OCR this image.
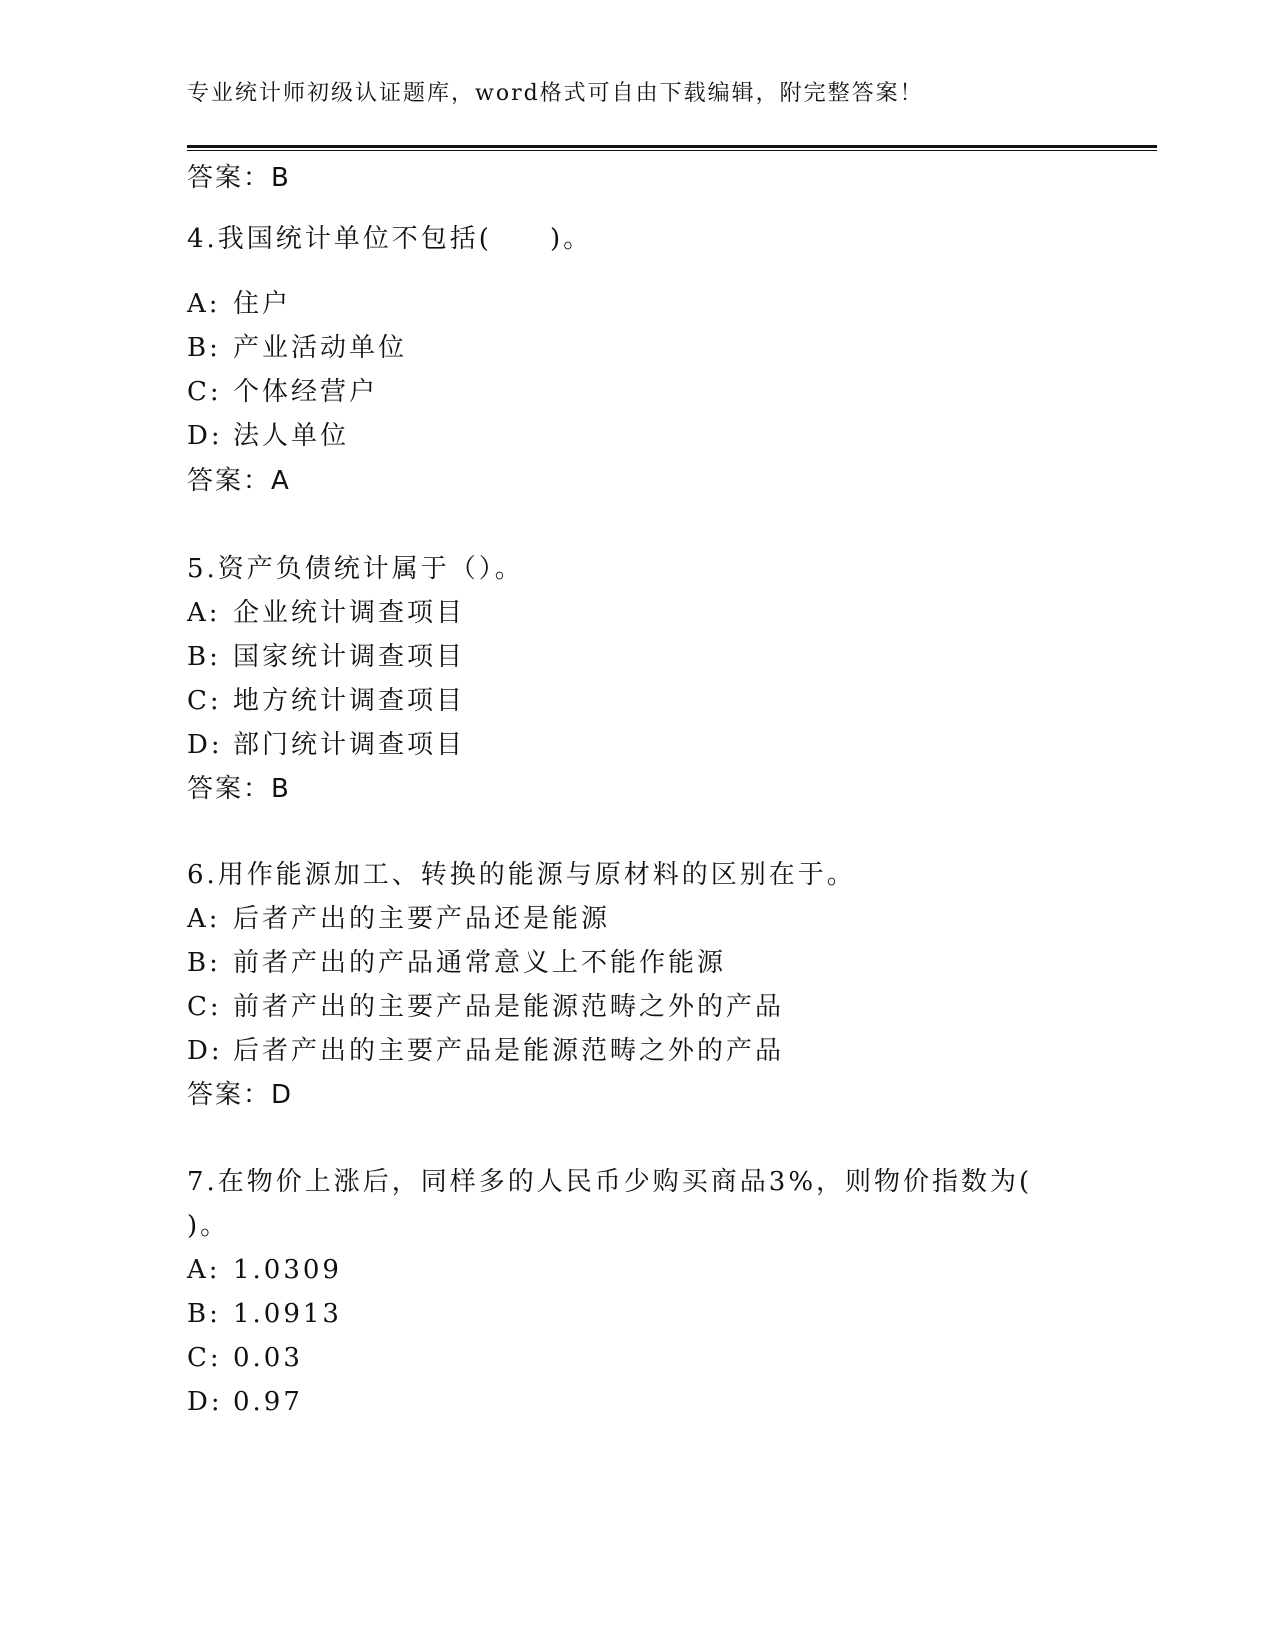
专业统计师初级认证题库，word格式可自由下载编辑，附完整答案！
答案：B
4.我国统计单位不包括(　　)。
A: 住户
B: 产业活动单位
C: 个体经营户
D: 法人单位
答案：A
5.资产负债统计属于（）。
A: 企业统计调查项目
B: 国家统计调查项目
C: 地方统计调查项目
D: 部门统计调查项目
答案：B
6.用作能源加工、转换的能源与原材料的区别在于。
A: 后者产出的主要产品还是能源
B: 前者产出的产品通常意义上不能作能源
C: 前者产出的主要产品是能源范畴之外的产品
D: 后者产出的主要产品是能源范畴之外的产品
答案：D
7.在物价上涨后，同样多的人民币少购买商品3%，则物价指数为(
)。
A: 1.0309
B: 1.0913
C: 0.03
D: 0.97
